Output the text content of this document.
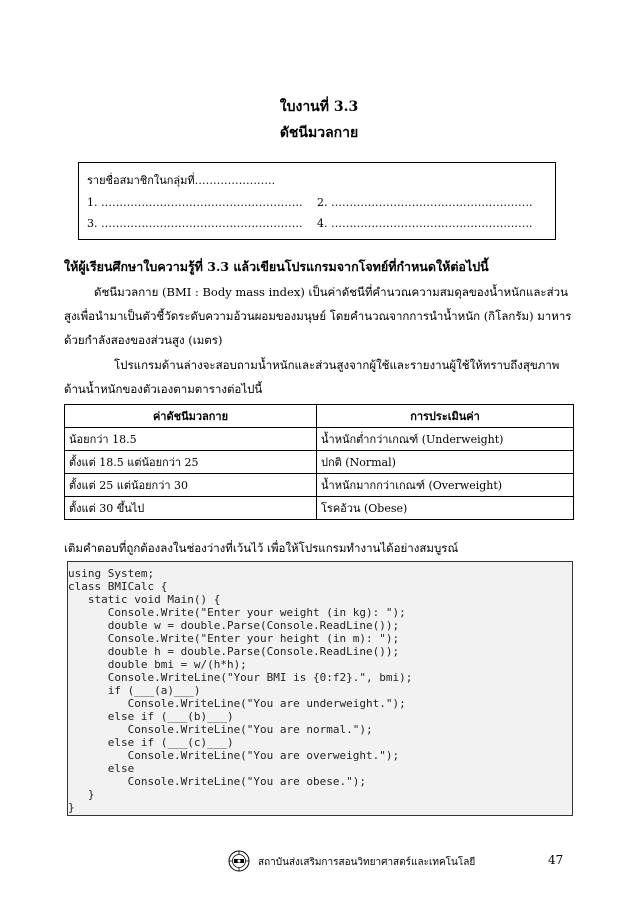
ใบงานที่ 3.3
ดัชนีมวลกาย
รายชื่อสมาชิกในกลุ่มที่………………….
1. ………………………………………………. 2. ……………………………………………….
3. ………………………………………………. 4. ……………………………………………….
ให้ผู้เรียนศึกษาใบความรู้ที่ 3.3 แล้วเขียนโปรแกรมจากโจทย์ที่กำหนดให้ต่อไปนี้
ดัชนีมวลกาย (BMI : Body mass index) เป็นค่าดัชนีที่คำนวณความสมดุลของน้ำหนักและส่วนสูงเพื่อนำมาเป็นตัวชี้วัดระดับความอ้วนผอมของมนุษย์ โดยคำนวณจากการนำน้ำหนัก (กิโลกรัม) มาหารด้วยกำลังสองของส่วนสูง (เมตร)
โปรแกรมด้านล่างจะสอบถามน้ำหนักและส่วนสูงจากผู้ใช้และรายงานผู้ใช้ให้ทราบถึงสุขภาพด้านน้ำหนักของตัวเองตามตารางต่อไปนี้
ค่าดัชนีมวลกาย	การประเมินค่า
น้อยกว่า 18.5	น้ำหนักต่ำกว่าเกณฑ์ (Underweight)
ตั้งแต่ 18.5 แต่น้อยกว่า 25	ปกติ (Normal)
ตั้งแต่ 25 แต่น้อยกว่า 30	น้ำหนักมากกว่าเกณฑ์ (Overweight)
ตั้งแต่ 30 ขึ้นไป	โรคอ้วน (Obese)
เติมคำตอบที่ถูกต้องลงในช่องว่างที่เว้นไว้ เพื่อให้โปรแกรมทำงานได้อย่างสมบูรณ์
using System;
class BMICalc {
static void Main() {
Console.Write("Enter your weight (in kg): ");
double w = double.Parse(Console.ReadLine());
Console.Write("Enter your height (in m): ");
double h = double.Parse(Console.ReadLine());
double bmi = w/(h*h);
Console.WriteLine("Your BMI is {0:f2}.", bmi);
if (___(a)___)
Console.WriteLine("You are underweight.");
else if (___(b)___)
Console.WriteLine("You are normal.");
else if (___(c)___)
Console.WriteLine("You are overweight.");
else
Console.WriteLine("You are obese.");
}
}
สถาบันส่งเสริมการสอนวิทยาศาสตร์และเทคโนโลยี	47
